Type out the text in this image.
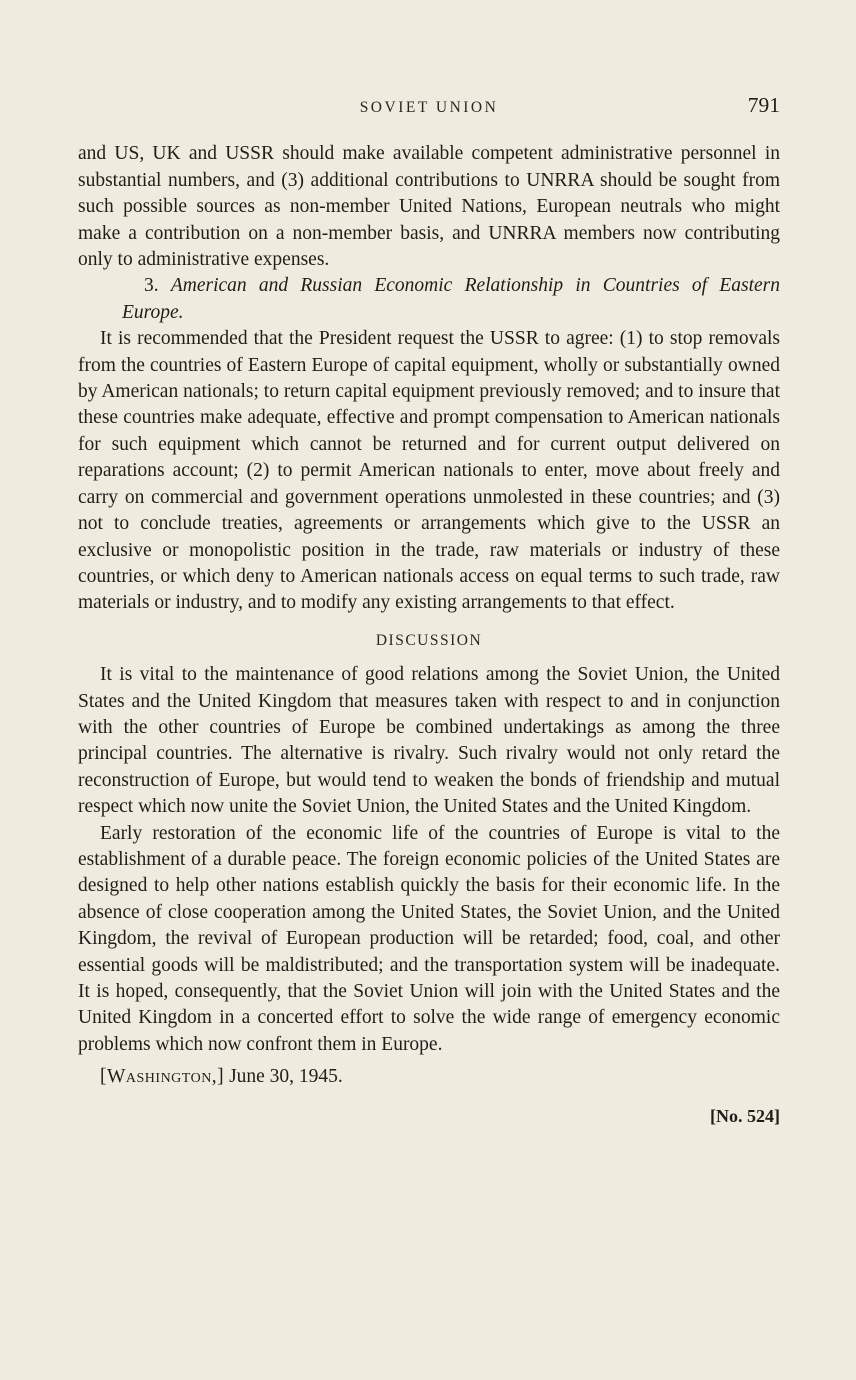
SOVIET UNION	791

and US, UK and USSR should make available competent administrative personnel in substantial numbers, and (3) additional contributions to UNRRA should be sought from such possible sources as non-member United Nations, European neutrals who might make a contribution on a non-member basis, and UNRRA members now contributing only to administrative expenses.

3. American and Russian Economic Relationship in Countries of Eastern Europe.

It is recommended that the President request the USSR to agree: (1) to stop removals from the countries of Eastern Europe of capital equipment, wholly or substantially owned by American nationals; to return capital equipment previously removed; and to insure that these countries make adequate, effective and prompt compensation to American nationals for such equipment which cannot be returned and for current output delivered on reparations account; (2) to permit American nationals to enter, move about freely and carry on commercial and government operations unmolested in these countries; and (3) not to conclude treaties, agreements or arrangements which give to the USSR an exclusive or monopolistic position in the trade, raw materials or industry of these countries, or which deny to American nationals access on equal terms to such trade, raw materials or industry, and to modify any existing arrangements to that effect.

DISCUSSION

It is vital to the maintenance of good relations among the Soviet Union, the United States and the United Kingdom that measures taken with respect to and in conjunction with the other countries of Europe be combined undertakings as among the three principal countries. The alternative is rivalry. Such rivalry would not only retard the reconstruction of Europe, but would tend to weaken the bonds of friendship and mutual respect which now unite the Soviet Union, the United States and the United Kingdom.

Early restoration of the economic life of the countries of Europe is vital to the establishment of a durable peace. The foreign economic policies of the United States are designed to help other nations establish quickly the basis for their economic life. In the absence of close cooperation among the United States, the Soviet Union, and the United Kingdom, the revival of European production will be retarded; food, coal, and other essential goods will be maldistributed; and the transportation system will be inadequate. It is hoped, consequently, that the Soviet Union will join with the United States and the United Kingdom in a concerted effort to solve the wide range of emergency economic problems which now confront them in Europe.

[Washington,] June 30, 1945.

[No. 524]
